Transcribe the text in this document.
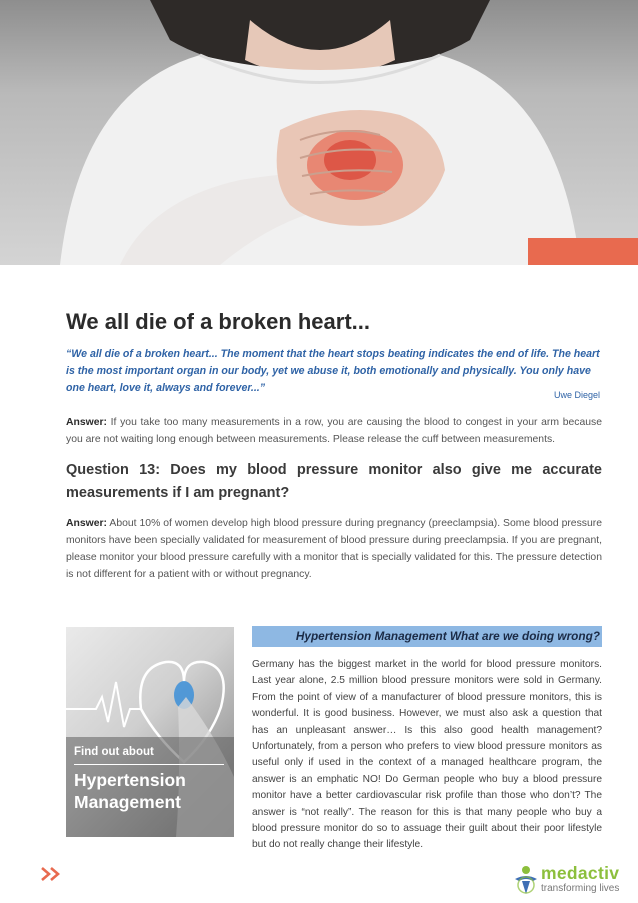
We all die of a broken heart...

“We all die of a broken heart... The moment that the heart stops beating indicates the end of life. The heart is the most important organ in our body, yet we abuse it, both emotionally and physically. You only have one heart, love it, always and forever...”

Uwe Diegel

Answer: If you take too many measurements in a row, you are causing the blood to congest in your arm because you are not waiting long enough between measurements. Please release the cuff between measurements.

Question 13: Does my blood pressure monitor also give me accurate measurements if I am pregnant?

Answer: About 10% of women develop high blood pressure during pregnancy (preeclampsia). Some blood pressure monitors have been specially validated for measurement of blood pressure during preeclampsia. If you are pregnant, please monitor your blood pressure carefully with a monitor that is specially validated for this. The pressure detection is not different for a patient with or without pregnancy.

Find out about
Hypertension Management
Hypertension Management What are we doing wrong?

Germany has the biggest market in the world for blood pressure monitors. Last year alone, 2.5 million blood pressure monitors were sold in Germany. From the point of view of a manufacturer of blood pressure monitors, this is wonderful. It is good business. However, we must also ask a question that has an unpleasant answer… Is this also good health management? Unfortunately, from a person who prefers to view blood pressure monitors as useful only if used in the context of a managed healthcare program, the answer is an emphatic NO! Do German people who buy a blood pressure monitor have a better cardiovascular risk profile than those who don’t? The answer is “not really”. The reason for this is that many people who buy a blood pressure monitor do so to assuage their guilt about their poor lifestyle but do not really change their lifestyle.

medactiv
transforming lives
